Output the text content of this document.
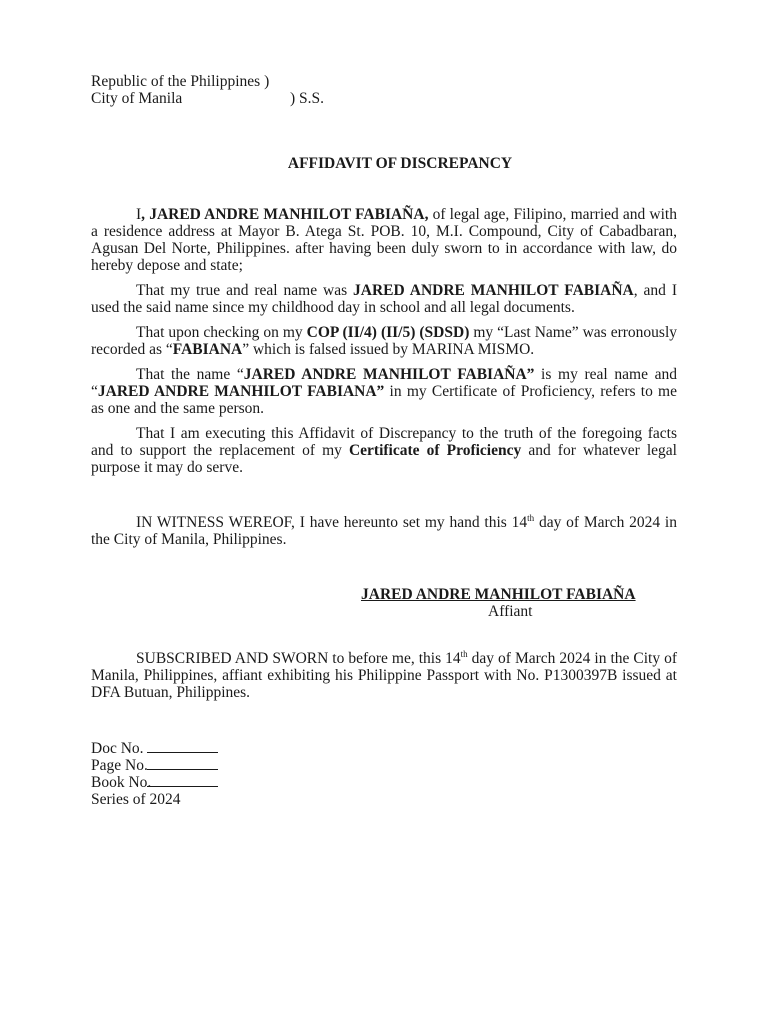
Republic of the Philippines )
City of Manila	) S.S.
AFFIDAVIT OF DISCREPANCY

I, JARED ANDRE MANHILOT FABIAÑA, of legal age, Filipino, married and with a residence address at Mayor B. Atega St. POB. 10, M.I. Compound, City of Cabadbaran, Agusan Del Norte, Philippines. after having been duly sworn to in accordance with law, do hereby depose and state;

That my true and real name was JARED ANDRE MANHILOT FABIAÑA, and I used the said name since my childhood day in school and all legal documents.

That upon checking on my COP (II/4) (II/5) (SDSD) my “Last Name” was erronously recorded as “FABIANA” which is falsed issued by MARINA MISMO.

That the name “JARED ANDRE MANHILOT FABIAÑA” is my real name and “JARED ANDRE MANHILOT FABIANA” in my Certificate of Proficiency, refers to me as one and the same person.

That I am executing this Affidavit of Discrepancy to the truth of the foregoing facts and to support the replacement of my Certificate of Proficiency and for whatever legal purpose it may do serve.

IN WITNESS WEREOF, I have hereunto set my hand this 14th day of March 2024 in the City of Manila, Philippines.

JARED ANDRE MANHILOT FABIAÑA
Affiant

SUBSCRIBED AND SWORN to before me, this 14th day of March 2024 in the City of Manila, Philippines, affiant exhibiting his Philippine Passport with No. P1300397B issued at DFA Butuan, Philippines.

Doc No.
Page No.
Book No.
Series of 2024
